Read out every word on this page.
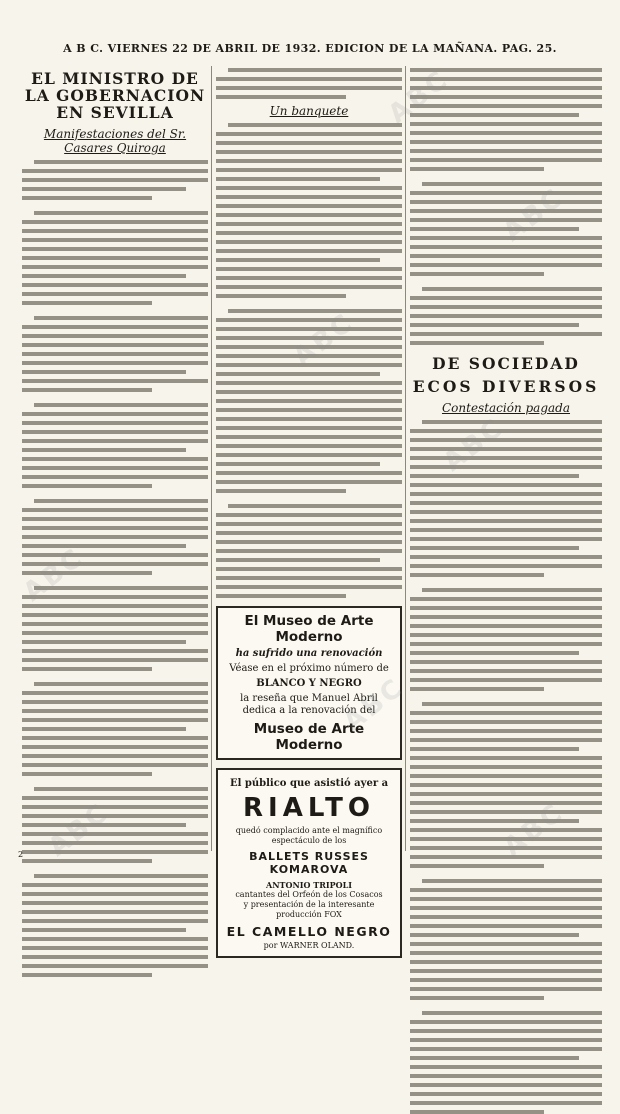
A B C. VIERNES 22 DE ABRIL DE 1932. EDICION DE LA MAÑANA. PAG. 25.
EL MINISTRO DE LA GOBERNACION EN SEVILLA
Manifestaciones del Sr. Casares Quiroga
Un banquete
El Museo de Arte Moderno
ha sufrido una renovación
Véase en el próximo número de
BLANCO Y NEGRO
la reseña que Manuel Abril dedica a la renovación del
Museo de Arte Moderno
El público que asistió ayer a
RIALTO
quedó complacido ante el magnífico espectáculo de los
BALLETS RUSSES KOMAROVA
ANTONIO TRIPOLI
cantantes del Orfeón de los Cosacos
y presentación de la interesante producción FOX
EL CAMELLO NEGRO
por WARNER OLAND.
DE SOCIEDAD
ECOS DIVERSOS
Contestación pagada
ABC
ABC
ABC
ABC
ABC
2
